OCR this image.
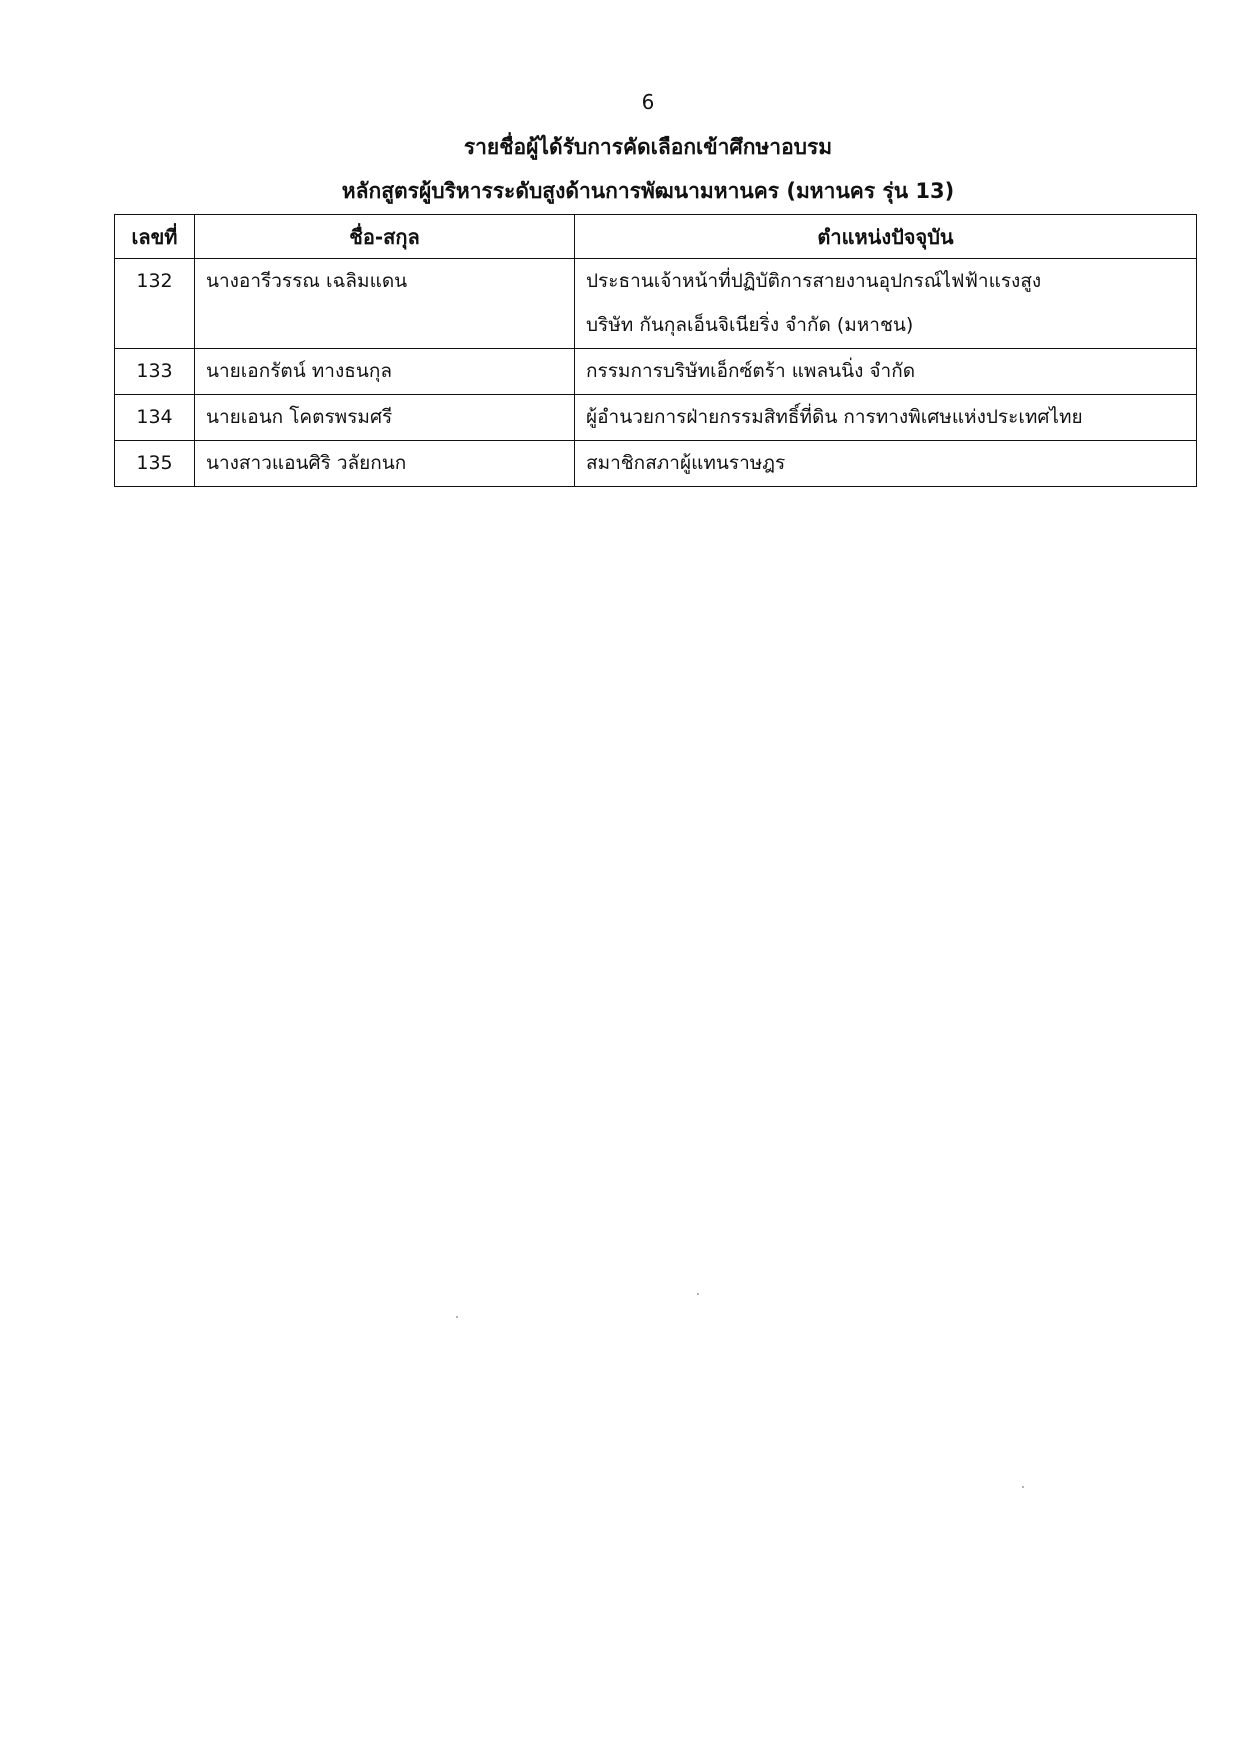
6
รายชื่อผู้ได้รับการคัดเลือกเข้าศึกษาอบรม
หลักสูตรผู้บริหารระดับสูงด้านการพัฒนามหานคร (มหานคร รุ่น 13)
เลขที่	ชื่อ-สกุล	ตำแหน่งปัจจุบัน
132	นางอารีวรรณ เฉลิมแดน	ประธานเจ้าหน้าที่ปฏิบัติการสายงานอุปกรณ์ไฟฟ้าแรงสูง
บริษัท กันกุลเอ็นจิเนียริ่ง จำกัด (มหาชน)

133	นายเอกรัตน์ ทางธนกุล	กรรมการบริษัทเอ็กซ์ตร้า แพลนนิ่ง จำกัด

134	นายเอนก โคตรพรมศรี	ผู้อำนวยการฝ่ายกรรมสิทธิ์ที่ดิน การทางพิเศษแห่งประเทศไทย

135	นางสาวแอนศิริ วลัยกนก	สมาชิกสภาผู้แทนราษฎร
